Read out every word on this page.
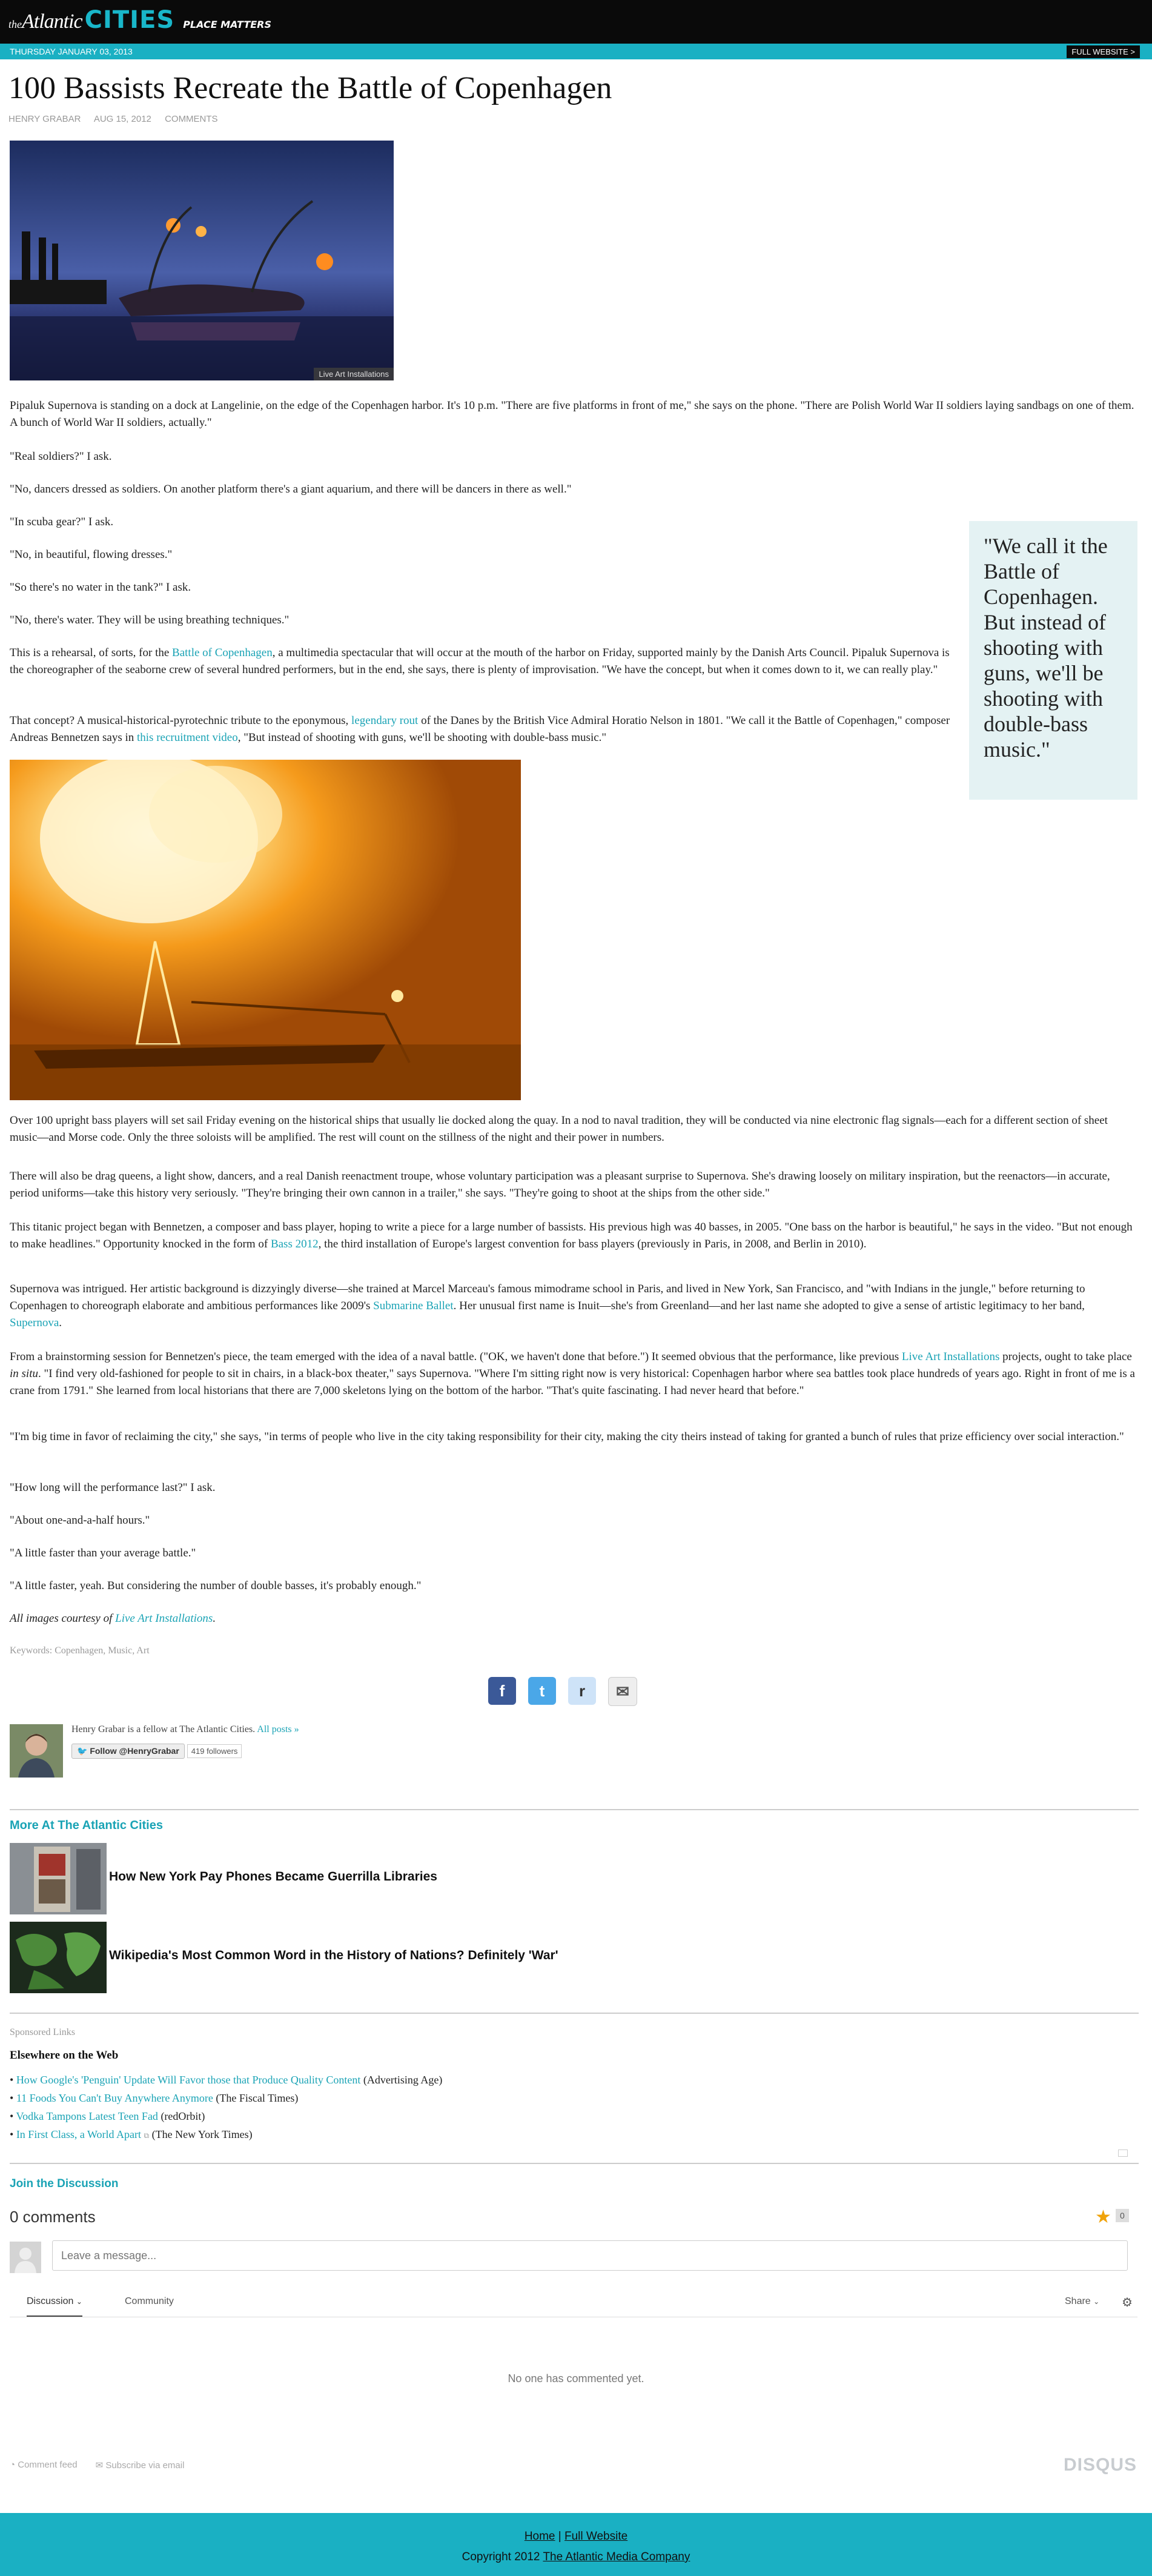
the Atlantic CITIES PLACE MATTERS
THURSDAY JANUARY 03, 2013	FULL WEBSITE >
100 Bassists Recreate the Battle of Copenhagen
HENRY GRABAR AUG 15, 2012 COMMENTS
Live Art Installations

Pipaluk Supernova is standing on a dock at Langelinie, on the edge of the Copenhagen harbor. It's 10 p.m. "There are five platforms in front of me," she says on the phone. "There are Polish World War II soldiers laying sandbags on one of them. A bunch of World War II soldiers, actually."

"Real soldiers?" I ask.

"No, dancers dressed as soldiers. On another platform there's a giant aquarium, and there will be dancers in there as well."

"In scuba gear?" I ask.

"No, in beautiful, flowing dresses."

"So there's no water in the tank?" I ask.

"No, there's water. They will be using breathing techniques."

This is a rehearsal, of sorts, for the Battle of Copenhagen, a multimedia spectacular that will occur at the mouth of the harbor on Friday, supported mainly by the Danish Arts Council. Pipaluk Supernova is the choreographer of the seaborne crew of several hundred performers, but in the end, she says, there is plenty of improvisation. "We have the concept, but when it comes down to it, we can really play."

That concept? A musical-historical-pyrotechnic tribute to the eponymous, legendary rout of the Danes by the British Vice Admiral Horatio Nelson in 1801. "We call it the Battle of Copenhagen," composer Andreas Bennetzen says in this recruitment video, "But instead of shooting with guns, we'll be shooting with double-bass music."

"We call it the Battle of Copenhagen. But instead of shooting with guns, we'll be shooting with double-bass music."

Over 100 upright bass players will set sail Friday evening on the historical ships that usually lie docked along the quay. In a nod to naval tradition, they will be conducted via nine electronic flag signals—each for a different section of sheet music—and Morse code. Only the three soloists will be amplified. The rest will count on the stillness of the night and their power in numbers.

There will also be drag queens, a light show, dancers, and a real Danish reenactment troupe, whose voluntary participation was a pleasant surprise to Supernova. She's drawing loosely on military inspiration, but the reenactors—in accurate, period uniforms—take this history very seriously. "They're bringing their own cannon in a trailer," she says. "They're going to shoot at the ships from the other side."

This titanic project began with Bennetzen, a composer and bass player, hoping to write a piece for a large number of bassists. His previous high was 40 basses, in 2005. "One bass on the harbor is beautiful," he says in the video. "But not enough to make headlines." Opportunity knocked in the form of Bass 2012, the third installation of Europe's largest convention for bass players (previously in Paris, in 2008, and Berlin in 2010).

Supernova was intrigued. Her artistic background is dizzyingly diverse—she trained at Marcel Marceau's famous mimodrame school in Paris, and lived in New York, San Francisco, and "with Indians in the jungle," before returning to Copenhagen to choreograph elaborate and ambitious performances like 2009's Submarine Ballet. Her unusual first name is Inuit—she's from Greenland—and her last name she adopted to give a sense of artistic legitimacy to her band, Supernova.

From a brainstorming session for Bennetzen's piece, the team emerged with the idea of a naval battle. ("OK, we haven't done that before.") It seemed obvious that the performance, like previous Live Art Installations projects, ought to take place in situ. "I find very old-fashioned for people to sit in chairs, in a black-box theater," says Supernova. "Where I'm sitting right now is very historical: Copenhagen harbor where sea battles took place hundreds of years ago. Right in front of me is a crane from 1791." She learned from local historians that there are 7,000 skeletons lying on the bottom of the harbor. "That's quite fascinating. I had never heard that before."

"I'm big time in favor of reclaiming the city," she says, "in terms of people who live in the city taking responsibility for their city, making the city theirs instead of taking for granted a bunch of rules that prize efficiency over social interaction."

"How long will the performance last?" I ask.

"About one-and-a-half hours."

"A little faster than your average battle."

"A little faster, yeah. But considering the number of double basses, it's probably enough."

All images courtesy of Live Art Installations.

Keywords: Copenhagen, Music, Art
f	t	r	✉
Henry Grabar is a fellow at The Atlantic Cities. All posts »
🐦 Follow @HenryGrabar	419 followers
More At The Atlantic Cities
How New York Pay Phones Became Guerrilla Libraries
Wikipedia's Most Common Word in the History of Nations? Definitely 'War'
Sponsored Links
Elsewhere on the Web
• How Google's 'Penguin' Update Will Favor those that Produce Quality Content (Advertising Age)
• 11 Foods You Can't Buy Anywhere Anymore (The Fiscal Times)
• Vodka Tampons Latest Teen Fad (redOrbit)
• In First Class, a World Apart ⧉ (The New York Times)
Join the Discussion
0 comments	★	0
Leave a message...
Discussion ⌄	Community	Share ⌄ ⚙
No one has commented yet.
◔ Comment feed ✉ Subscribe via email	DISQUS
Home | Full Website
Copyright 2012 The Atlantic Media Company
